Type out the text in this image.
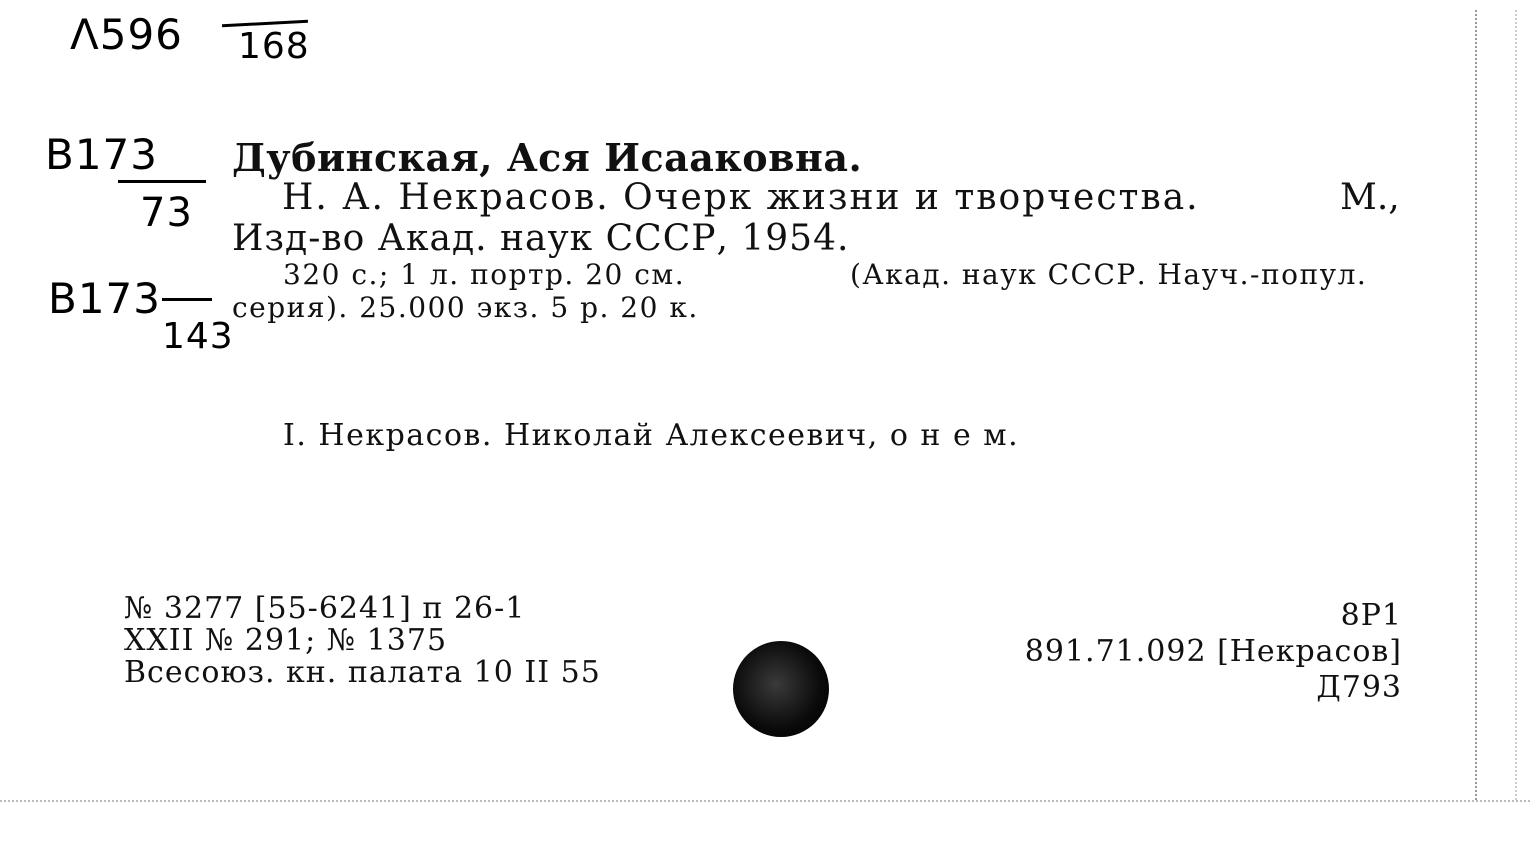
Λ596 168
B173
73
B173
143
Дубинская, Ася Исааковна.
Н. А. Некрасов. Очерк жизни и творчества.	М.,
Изд-во Акад. наук СССР, 1954.
320 с.; 1 л. портр. 20 см.	(Акад. наук СССР. Науч.-попул.
серия). 25.000 экз. 5 р. 20 к.
I. Некрасов. Николай Алексеевич, о н е м.
№ 3277 [55-6241] п 26-1
XXII № 291; № 1375
Всесоюз. кн. палата 10 II 55
8Р1
891.71.092 [Некрасов]
Д793
